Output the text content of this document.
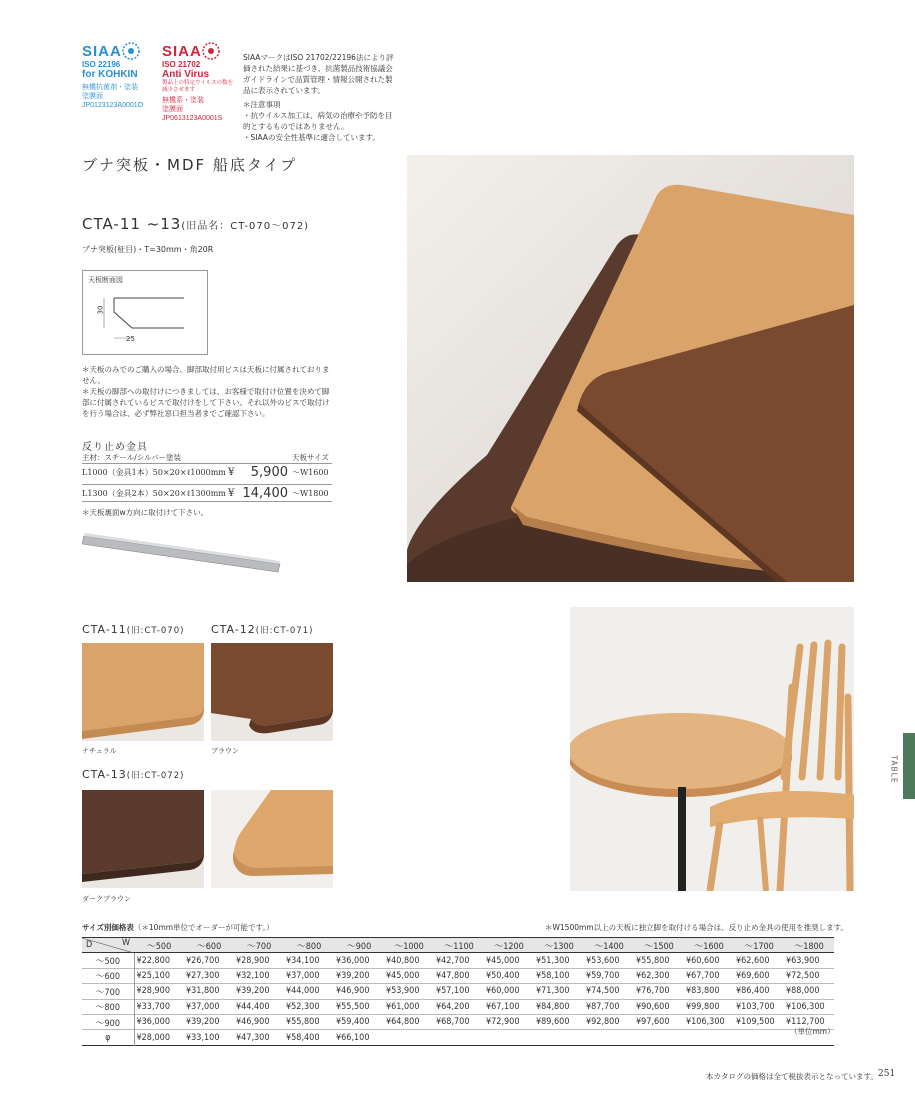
SIAA
ISO 22196
for KOHKIN
無機抗菌剤・塗装
塗膜面
JP0123123A0001O
SIAA
ISO 21702
Anti Virus
製品上の特定ウイルスの数を減少させます
無機系・塗装
塗膜面
JP0613123A0001S
SIAAマークはISO 21702/22196法により評価された結果に基づき、抗菌製品技術協議会ガイドラインで品質管理・情報公開された製品に表示されています。
＊注意事項
・抗ウイルス加工は、病気の治療や予防を目的とするものではありません。
・SIAAの安全性基準に適合しています。
ブナ突板・MDF 船底タイプ
CTA-11 ~13(旧品名：CT-070～072)
ブナ突板(柾目)・T=30mm・角20R
天板断面図
30
25
＊天板のみでのご購入の場合、脚部取付用ビスは天板に付属されておりません。
＊天板の脚部への取付けにつきましては、お客様で取付け位置を決めて脚部に付属されているビスで取付けをして下さい。それ以外のビスで取付けを行う場合は、必ず弊社窓口担当者までご確認下さい。
反り止め金具
主材：スチール/シルバー塗装	天板サイズ
L1000（金具1本）50×20×ℓ1000mm ¥	5,900 ～W1600
L1300（金具2本）50×20×ℓ1300mm ¥ 14,400 ～W1800
＊天板裏面w方向に取付けて下さい。
CTA-11(旧:CT-070) CTA-12(旧:CT-071)
ナチュラル	ブラウン
CTA-13(旧:CT-072)
ダークブラウン
TABLE
サイズ別価格表（＊10mm単位でオーダーが可能です。）	＊W1500mm以上の天板に独立脚を取付ける場合は、反り止め金具の使用を推奨します。
D W	～500	～600	～700	～800	～900	～1000	～1100	～1200	～1300	～1400	～1500	～1600	～1700	～1800
～500	¥22,800	¥26,700	¥28,900	¥34,100	¥36,000	¥40,800	¥42,700	¥45,000	¥51,300	¥53,600	¥55,800	¥60,600	¥62,600	¥63,900
～600	¥25,100	¥27,300	¥32,100	¥37,000	¥39,200	¥45,000	¥47,800	¥50,400	¥58,100	¥59,700	¥62,300	¥67,700	¥69,600	¥72,500
～700	¥28,900	¥31,800	¥39,200	¥44,000	¥46,900	¥53,900	¥57,100	¥60,000	¥71,300	¥74,500	¥76,700	¥83,800	¥86,400	¥88,000
～800	¥33,700	¥37,000	¥44,400	¥52,300	¥55,500	¥61,000	¥64,200	¥67,100	¥84,800	¥87,700	¥90,600	¥99,800	¥103,700	¥106,300
～900	¥36,000	¥39,200	¥46,900	¥55,800	¥59,400	¥64,800	¥68,700	¥72,900	¥89,600	¥92,800	¥97,600	¥106,300	¥109,500	¥112,700
φ	¥28,000	¥33,100	¥47,300	¥58,400	¥66,100									
（単位mm）
本カタログの価格は全て税抜表示となっています。 251
